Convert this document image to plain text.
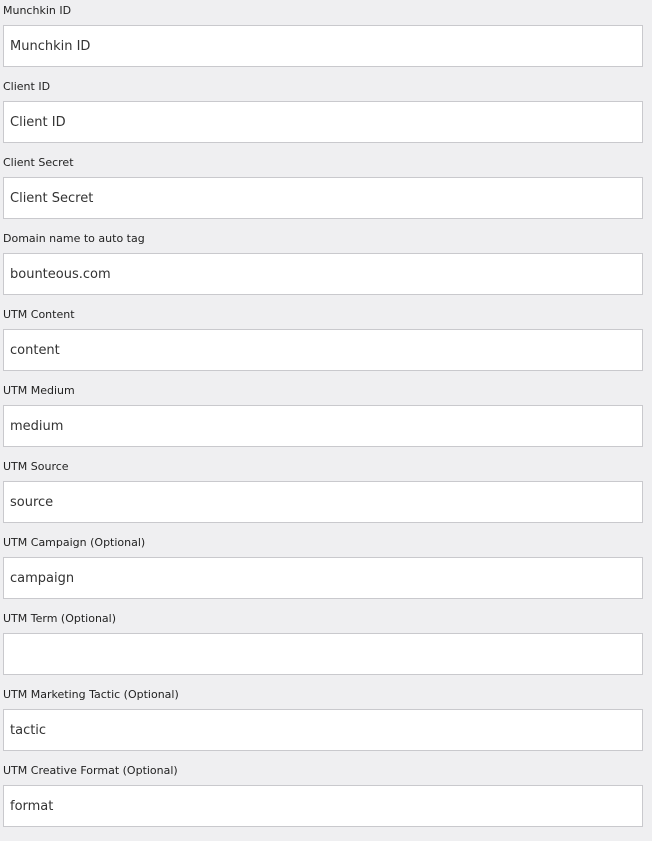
Munchkin ID
Munchkin ID
Client ID
Client ID
Client Secret
Client Secret
Domain name to auto tag
bounteous.com
UTM Content
content
UTM Medium
medium
UTM Source
source
UTM Campaign (Optional)
campaign
UTM Term (Optional)
UTM Marketing Tactic (Optional)
tactic
UTM Creative Format (Optional)
format
